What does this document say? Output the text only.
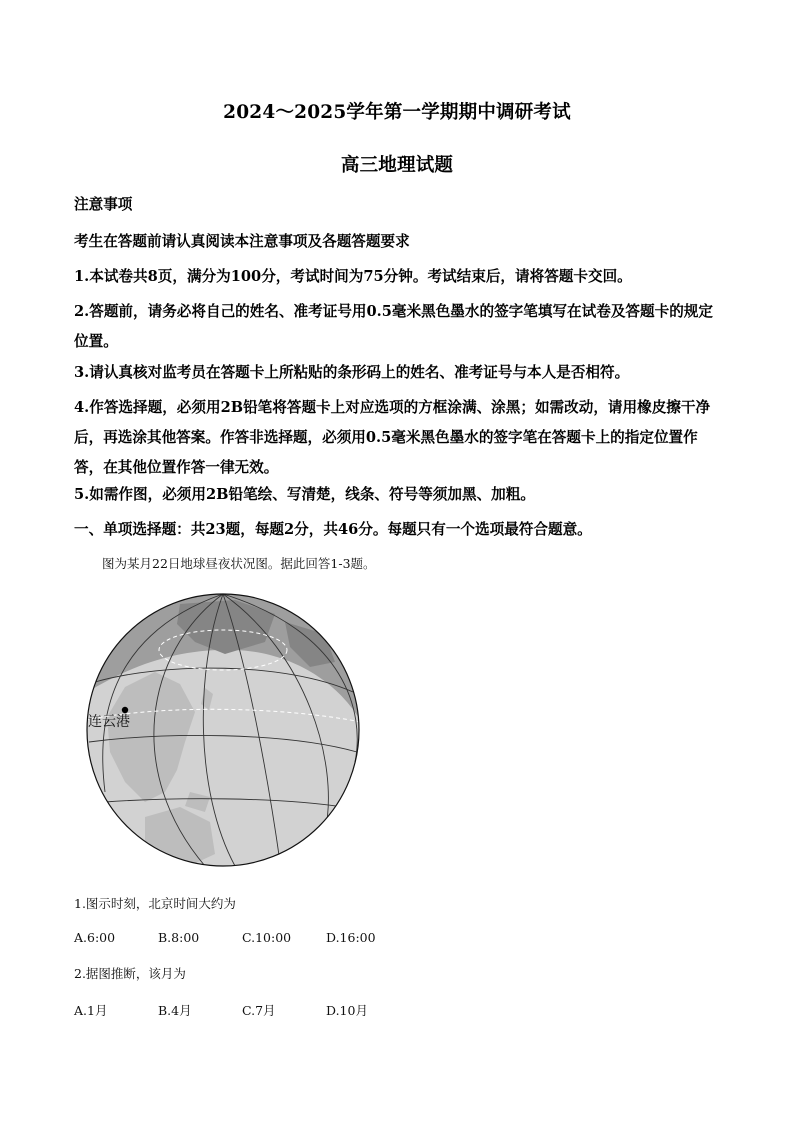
2024～2025学年第一学期期中调研考试
高三地理试题
注意事项
考生在答题前请认真阅读本注意事项及各题答题要求
1.本试卷共8页，满分为100分，考试时间为75分钟。考试结束后，请将答题卡交回。
2.答题前，请务必将自己的姓名、准考证号用0.5毫米黑色墨水的签字笔填写在试卷及答题卡的规定位置。
3.请认真核对监考员在答题卡上所粘贴的条形码上的姓名、准考证号与本人是否相符。
4.作答选择题，必须用2B铅笔将答题卡上对应选项的方框涂满、涂黑；如需改动，请用橡皮擦干净后，再选涂其他答案。作答非选择题，必须用0.5毫米黑色墨水的签字笔在答题卡上的指定位置作答，在其他位置作答一律无效。
5.如需作图，必须用2B铅笔绘、写清楚，线条、符号等须加黑、加粗。
一、单项选择题：共23题，每题2分，共46分。每题只有一个选项最符合题意。
图为某月22日地球昼夜状况图。据此回答1-3题。
连云港
1.图示时刻，北京时间大约为
A.6:00	B.8:00	C.10:00	D.16:00
2.据图推断，该月为
A.1月	B.4月	C.7月	D.10月
